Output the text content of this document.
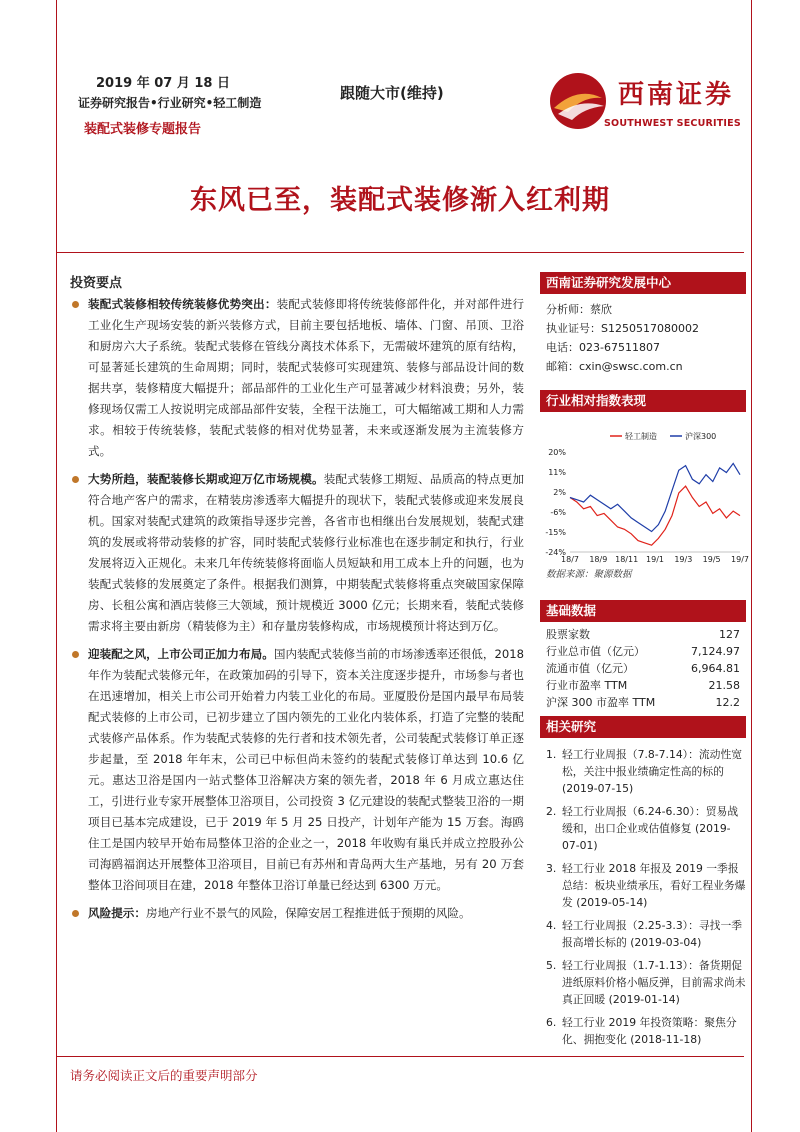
2019 年 07 月 18 日
证券研究报告•行业研究•轻工制造
装配式装修专题报告
跟随大市(维持)	西南证券
SOUTHWEST SECURITIES
东风已至，装配式装修渐入红利期
投资要点
装配式装修相较传统装修优势突出：装配式装修即将传统装修部件化，并对部件进行工业化生产现场安装的新兴装修方式，目前主要包括地板、墙体、门窗、吊顶、卫浴和厨房六大子系统。装配式装修在管线分离技术体系下，无需破坏建筑的原有结构，可显著延长建筑的生命周期；同时，装配式装修可实现建筑、装修与部品设计间的数据共享，装修精度大幅提升；部品部件的工业化生产可显著减少材料浪费；另外，装修现场仅需工人按说明完成部品部件安装，全程干法施工，可大幅缩减工期和人力需求。相较于传统装修，装配式装修的相对优势显著，未来或逐渐发展为主流装修方式。
大势所趋，装配装修长期或迎万亿市场规模。装配式装修工期短、品质高的特点更加符合地产客户的需求，在精装房渗透率大幅提升的现状下，装配式装修或迎来发展良机。国家对装配式建筑的政策指导逐步完善，各省市也相继出台发展规划，装配式建筑的发展或将带动装修的扩容，同时装配式装修行业标准也在逐步制定和执行，行业发展将迈入正规化。未来几年传统装修将面临人员短缺和用工成本上升的问题，也为装配式装修的发展奠定了条件。根据我们测算，中期装配式装修将重点突破国家保障房、长租公寓和酒店装修三大领域，预计规模近 3000 亿元；长期来看，装配式装修需求将主要由新房（精装修为主）和存量房装修构成，市场规模预计将达到万亿。
迎装配之风，上市公司正加力布局。国内装配式装修当前的市场渗透率还很低，2018 年作为装配式装修元年，在政策加码的引导下，资本关注度逐步提升，市场参与者也在迅速增加，相关上市公司开始着力内装工业化的布局。亚厦股份是国内最早布局装配式装修的上市公司，已初步建立了国内领先的工业化内装体系，打造了完整的装配式装修产品体系。作为装配式装修的先行者和技术领先者，公司装配式装修订单正逐步起量，至 2018 年年末，公司已中标但尚未签约的装配式装修订单达到 10.6 亿元。惠达卫浴是国内一站式整体卫浴解决方案的领先者，2018 年 6 月成立惠达住工，引进行业专家开展整体卫浴项目，公司投资 3 亿元建设的装配式整装卫浴的一期项目已基本完成建设，已于 2019 年 5 月 25 日投产，计划年产能为 15 万套。海鸥住工是国内较早开始布局整体卫浴的企业之一，2018 年收购有巢氏并成立控股孙公司海鸥福润达开展整体卫浴项目，目前已有苏州和青岛两大生产基地，另有 20 万套整体卫浴间项目在建，2018 年整体卫浴订单量已经达到 6300 万元。
风险提示：房地产行业不景气的风险，保障安居工程推进低于预期的风险。
西南证券研究发展中心
分析师：蔡欣
执业证号：S1250517080002
电话：023-67511807
邮箱：cxin@swsc.com.cn
行业相对指数表现
轻工制造	沪深300
20%
11%
2%
-6%
-15%
-24%
18/7 18/9 18/11 19/1 19/3 19/5 19/7
数据来源：聚源数据
基础数据
股票家数	127
行业总市值（亿元）	7,124.97
流通市值（亿元）	6,964.81
行业市盈率 TTM	21.58
沪深 300 市盈率 TTM	12.2
相关研究
1. 轻工行业周报（7.8-7.14）：流动性宽松，关注中报业绩确定性高的标的 (2019-07-15)
2. 轻工行业周报（6.24-6.30）：贸易战缓和，出口企业或估值修复 (2019-07-01)
3. 轻工行业 2018 年报及 2019 一季报总结：板块业绩承压，看好工程业务爆发 (2019-05-14)
4. 轻工行业周报（2.25-3.3）：寻找一季报高增长标的 (2019-03-04)
5. 轻工行业周报（1.7-1.13）：备货期促进纸原料价格小幅反弹，目前需求尚未真正回暖 (2019-01-14)
6. 轻工行业 2019 年投资策略：聚焦分化、拥抱变化 (2018-11-18)
请务必阅读正文后的重要声明部分
